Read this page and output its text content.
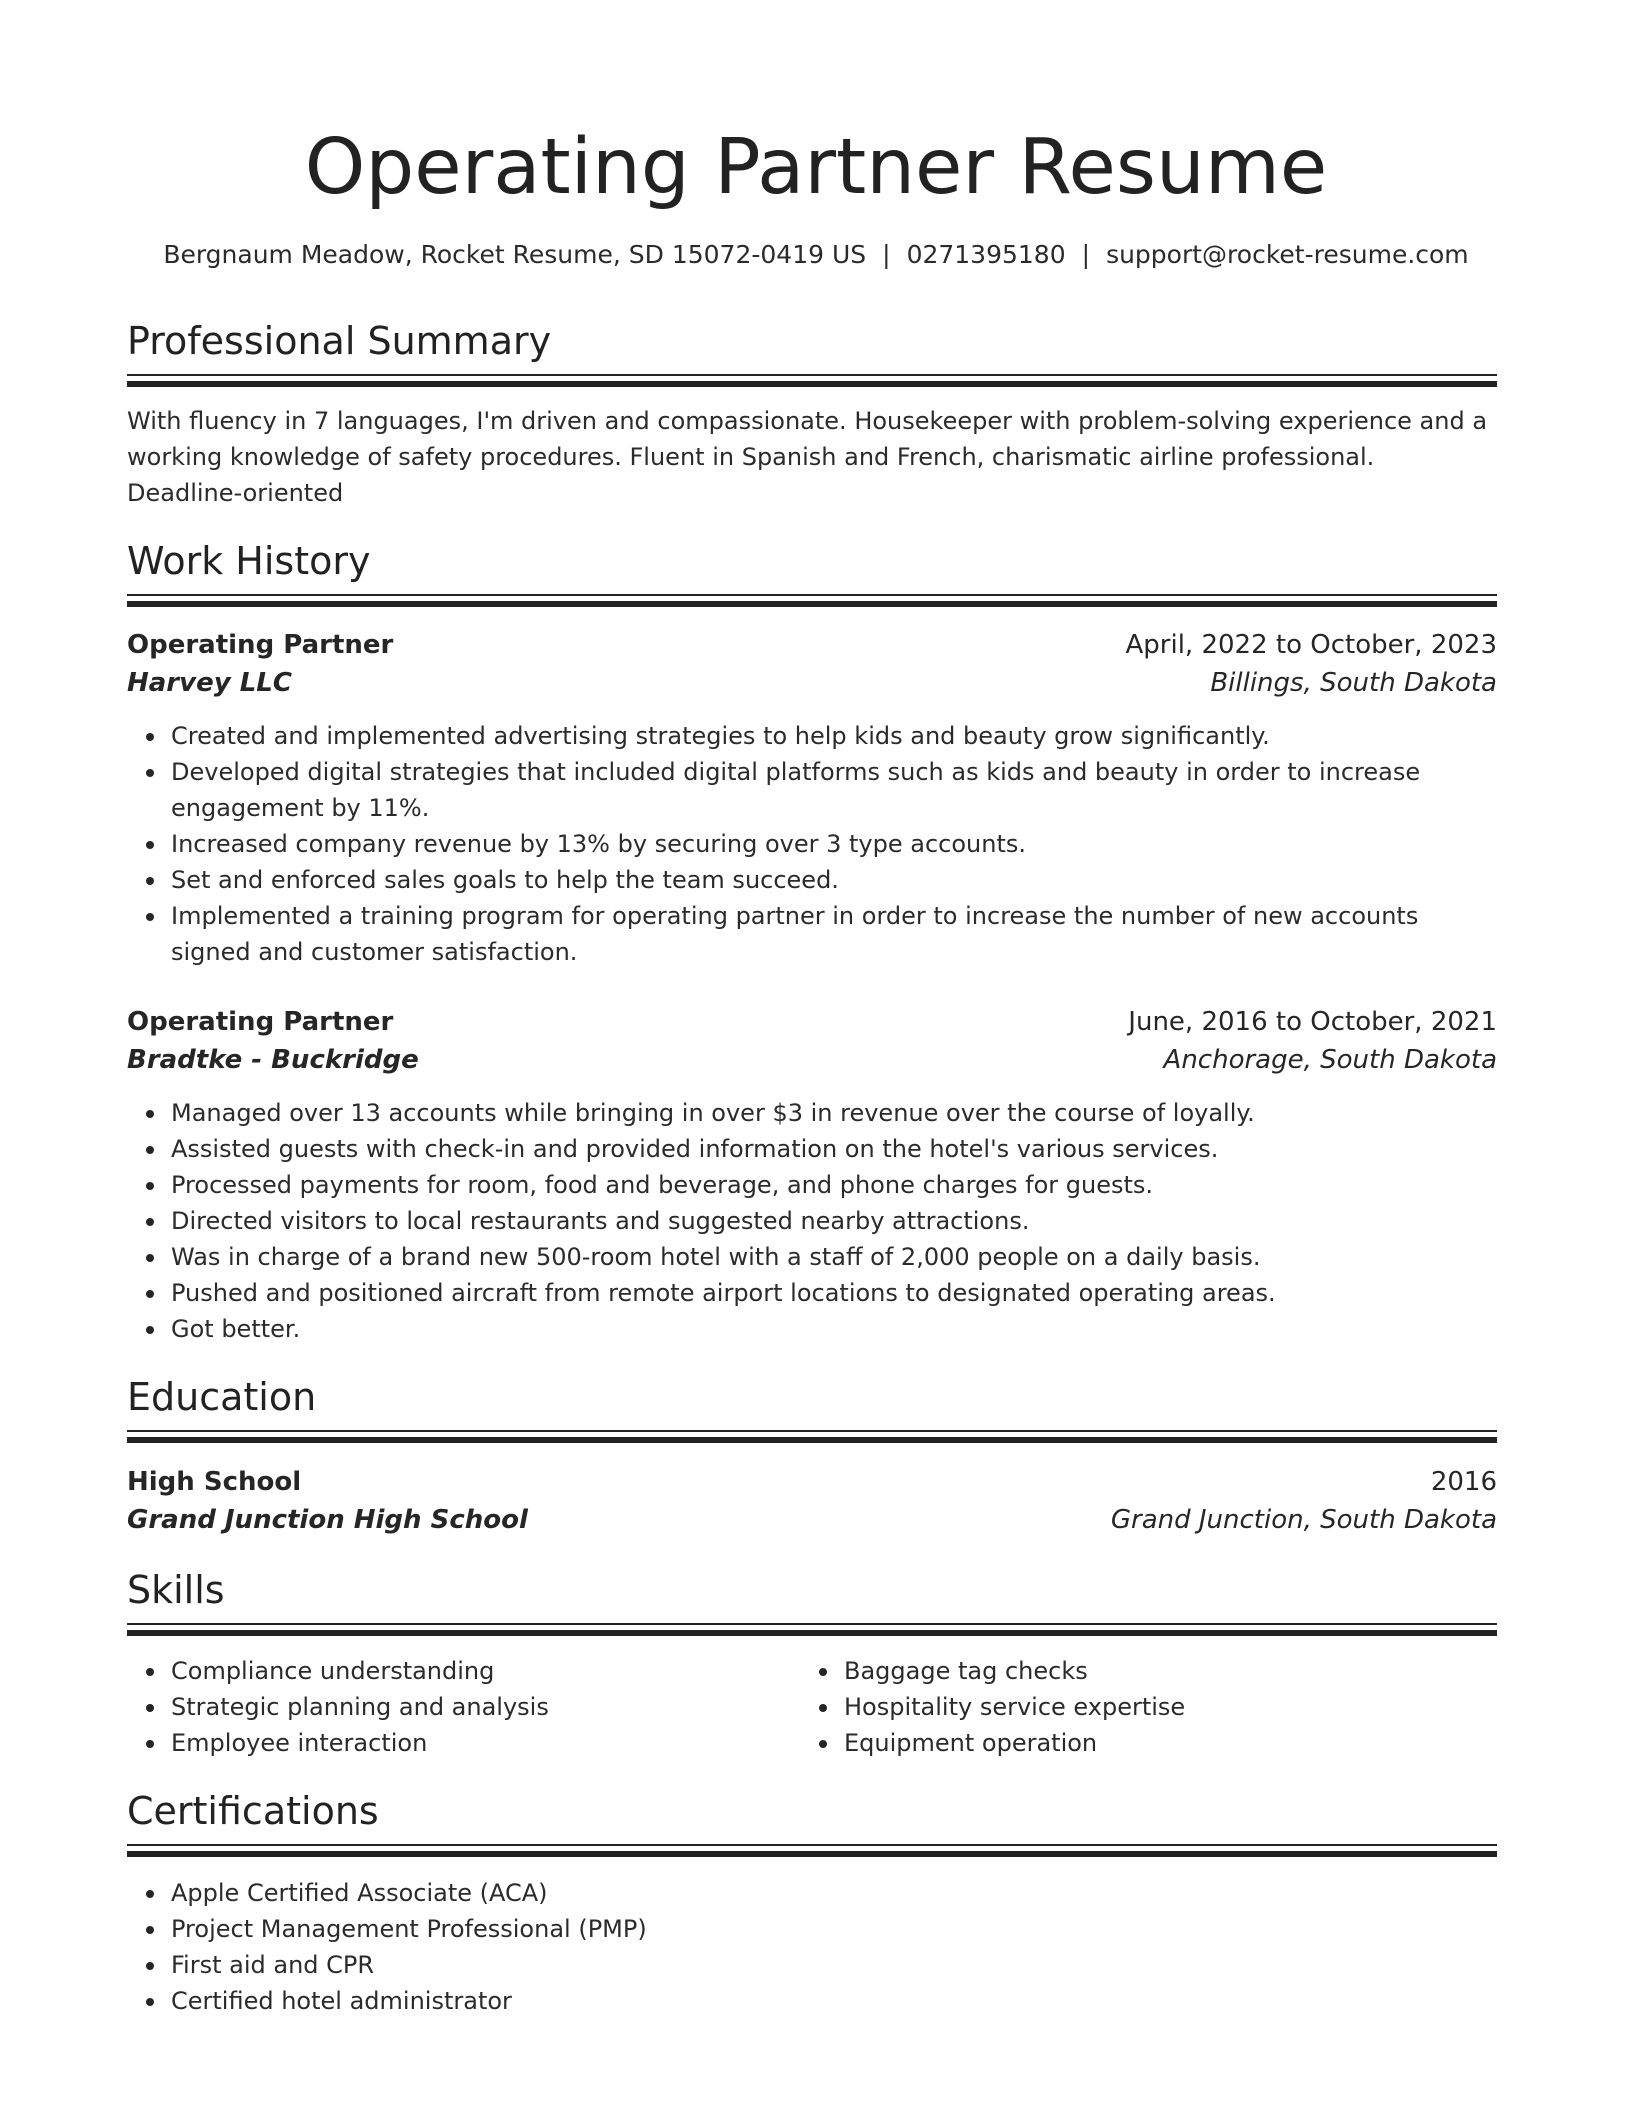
Operating Partner Resume
Bergnaum Meadow, Rocket Resume, SD 15072-0419 US | 0271395180 | support@rocket-resume.com
Professional Summary
With fluency in 7 languages, I'm driven and compassionate. Housekeeper with problem-solving experience and a working knowledge of safety procedures. Fluent in Spanish and French, charismatic airline professional. Deadline-oriented
Work History
Operating Partner	April, 2022 to October, 2023
Harvey LLC	Billings, South Dakota
Created and implemented advertising strategies to help kids and beauty grow significantly.
Developed digital strategies that included digital platforms such as kids and beauty in order to increase engagement by 11%.
Increased company revenue by 13% by securing over 3 type accounts.
Set and enforced sales goals to help the team succeed.
Implemented a training program for operating partner in order to increase the number of new accounts signed and customer satisfaction.
Operating Partner	June, 2016 to October, 2021
Bradtke - Buckridge	Anchorage, South Dakota
Managed over 13 accounts while bringing in over $3 in revenue over the course of loyally.
Assisted guests with check-in and provided information on the hotel's various services.
Processed payments for room, food and beverage, and phone charges for guests.
Directed visitors to local restaurants and suggested nearby attractions.
Was in charge of a brand new 500-room hotel with a staff of 2,000 people on a daily basis.
Pushed and positioned aircraft from remote airport locations to designated operating areas.
Got better.
Education
High School	2016
Grand Junction High School	Grand Junction, South Dakota
Skills
Compliance understanding
Strategic planning and analysis
Employee interaction
Baggage tag checks
Hospitality service expertise
Equipment operation
Certifications
Apple Certified Associate (ACA)
Project Management Professional (PMP)
First aid and CPR
Certified hotel administrator
